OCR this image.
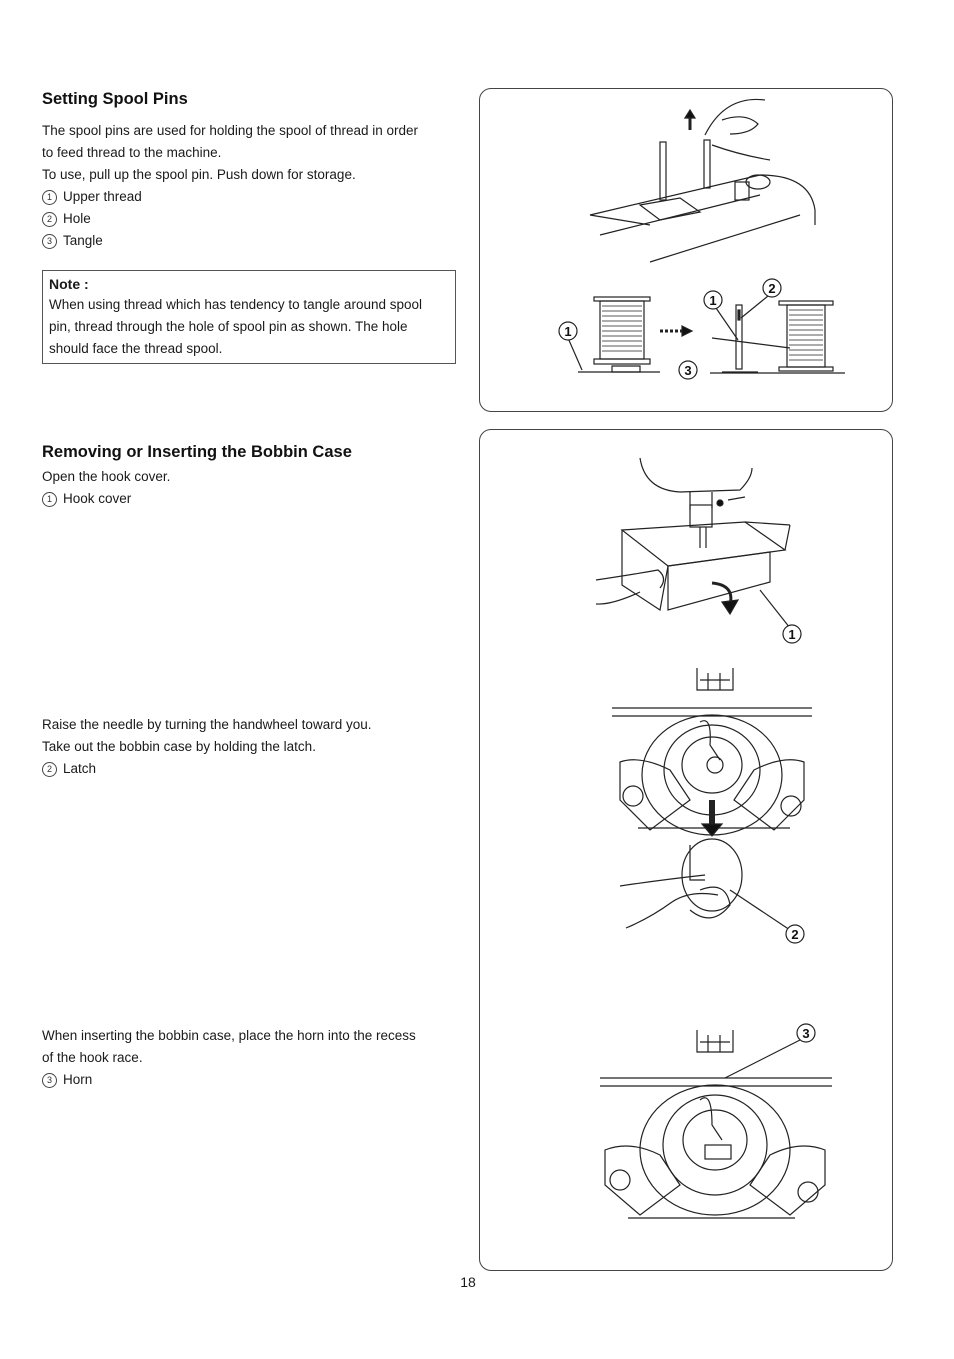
Setting Spool Pins

The spool pins are used for holding the spool of thread in order

to feed thread to the machine.

To use, pull up the spool pin. Push down for storage.

1 Upper thread

2 Hole

3 Tangle

Note :

When using thread which has tendency to tangle around spool

pin, thread through the hole of spool pin as shown. The hole

should face the thread spool.

Removing or Inserting the Bobbin Case

Open the hook cover.

1 Hook cover

Raise the needle by turning the handwheel toward you.

Take out the bobbin case by holding the latch.

2 Latch

When inserting the bobbin case, place the horn into the recess

of the hook race.

3 Horn

1
3
1
2
1
2
3
18
